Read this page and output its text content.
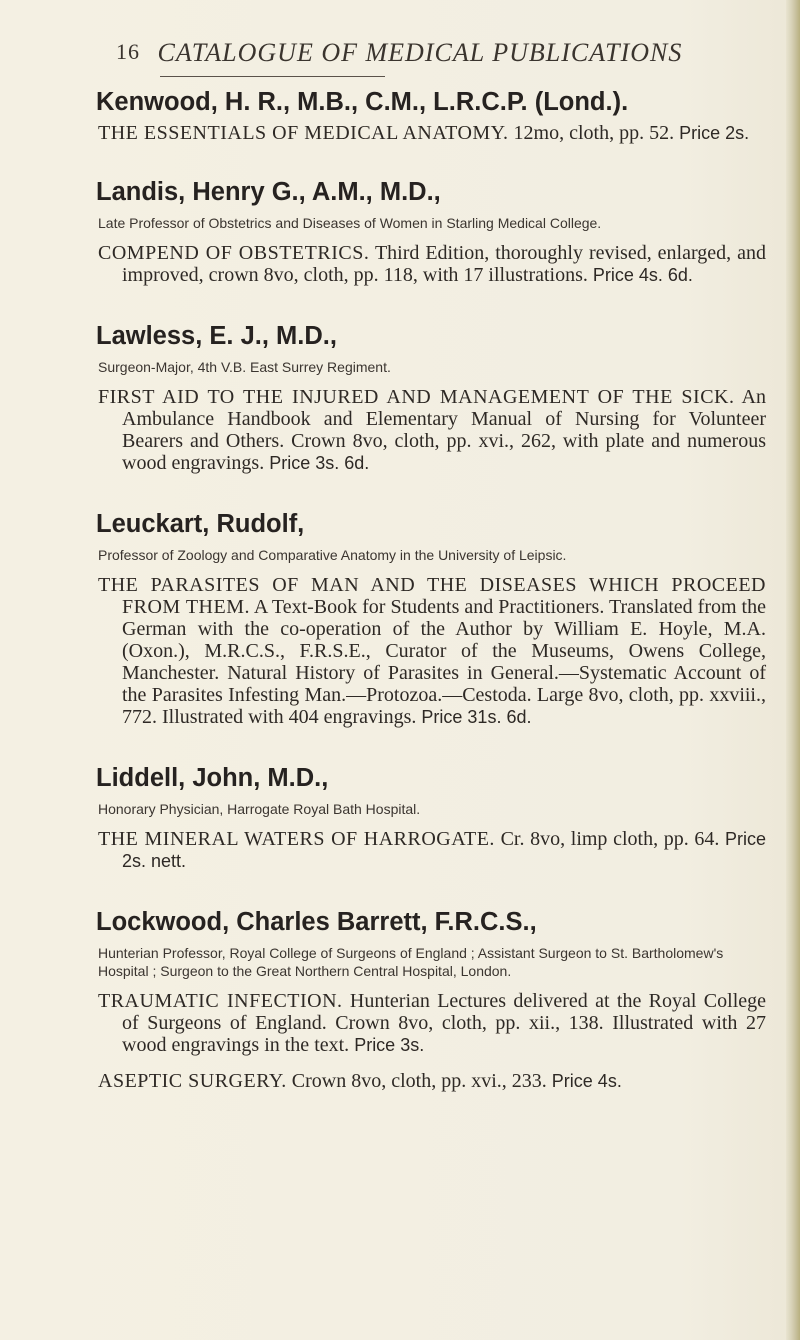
16 CATALOGUE OF MEDICAL PUBLICATIONS

Kenwood, H. R., M.B., C.M., L.R.C.P. (Lond.).

THE ESSENTIALS OF MEDICAL ANATOMY. 12mo, cloth, pp. 52. Price 2s.

Landis, Henry G., A.M., M.D.,

Late Professor of Obstetrics and Diseases of Women in Starling Medical College.

COMPEND OF OBSTETRICS. Third Edition, thoroughly revised, enlarged, and improved, crown 8vo, cloth, pp. 118, with 17 illustrations. Price 4s. 6d.

Lawless, E. J., M.D.,

Surgeon-Major, 4th V.B. East Surrey Regiment.

FIRST AID TO THE INJURED AND MANAGEMENT OF THE SICK. An Ambulance Handbook and Elementary Manual of Nursing for Volunteer Bearers and Others. Crown 8vo, cloth, pp. xvi., 262, with plate and numerous wood engravings. Price 3s. 6d.

Leuckart, Rudolf,

Professor of Zoology and Comparative Anatomy in the University of Leipsic.

THE PARASITES OF MAN AND THE DISEASES WHICH PROCEED FROM THEM. A Text-Book for Students and Practitioners. Translated from the German with the co-operation of the Author by William E. Hoyle, M.A. (Oxon.), M.R.C.S., F.R.S.E., Curator of the Museums, Owens College, Manchester. Natural History of Parasites in General.—Systematic Account of the Parasites Infesting Man.—Protozoa.—Cestoda. Large 8vo, cloth, pp. xxviii., 772. Illustrated with 404 engravings. Price 31s. 6d.

Liddell, John, M.D.,

Honorary Physician, Harrogate Royal Bath Hospital.

THE MINERAL WATERS OF HARROGATE. Cr. 8vo, limp cloth, pp. 64. Price 2s. nett.

Lockwood, Charles Barrett, F.R.C.S.,

Hunterian Professor, Royal College of Surgeons of England ; Assistant Surgeon to St. Bartholomew's Hospital ; Surgeon to the Great Northern Central Hospital, London.

TRAUMATIC INFECTION. Hunterian Lectures delivered at the Royal College of Surgeons of England. Crown 8vo, cloth, pp. xii., 138. Illustrated with 27 wood engravings in the text. Price 3s.

ASEPTIC SURGERY. Crown 8vo, cloth, pp. xvi., 233. Price 4s.
